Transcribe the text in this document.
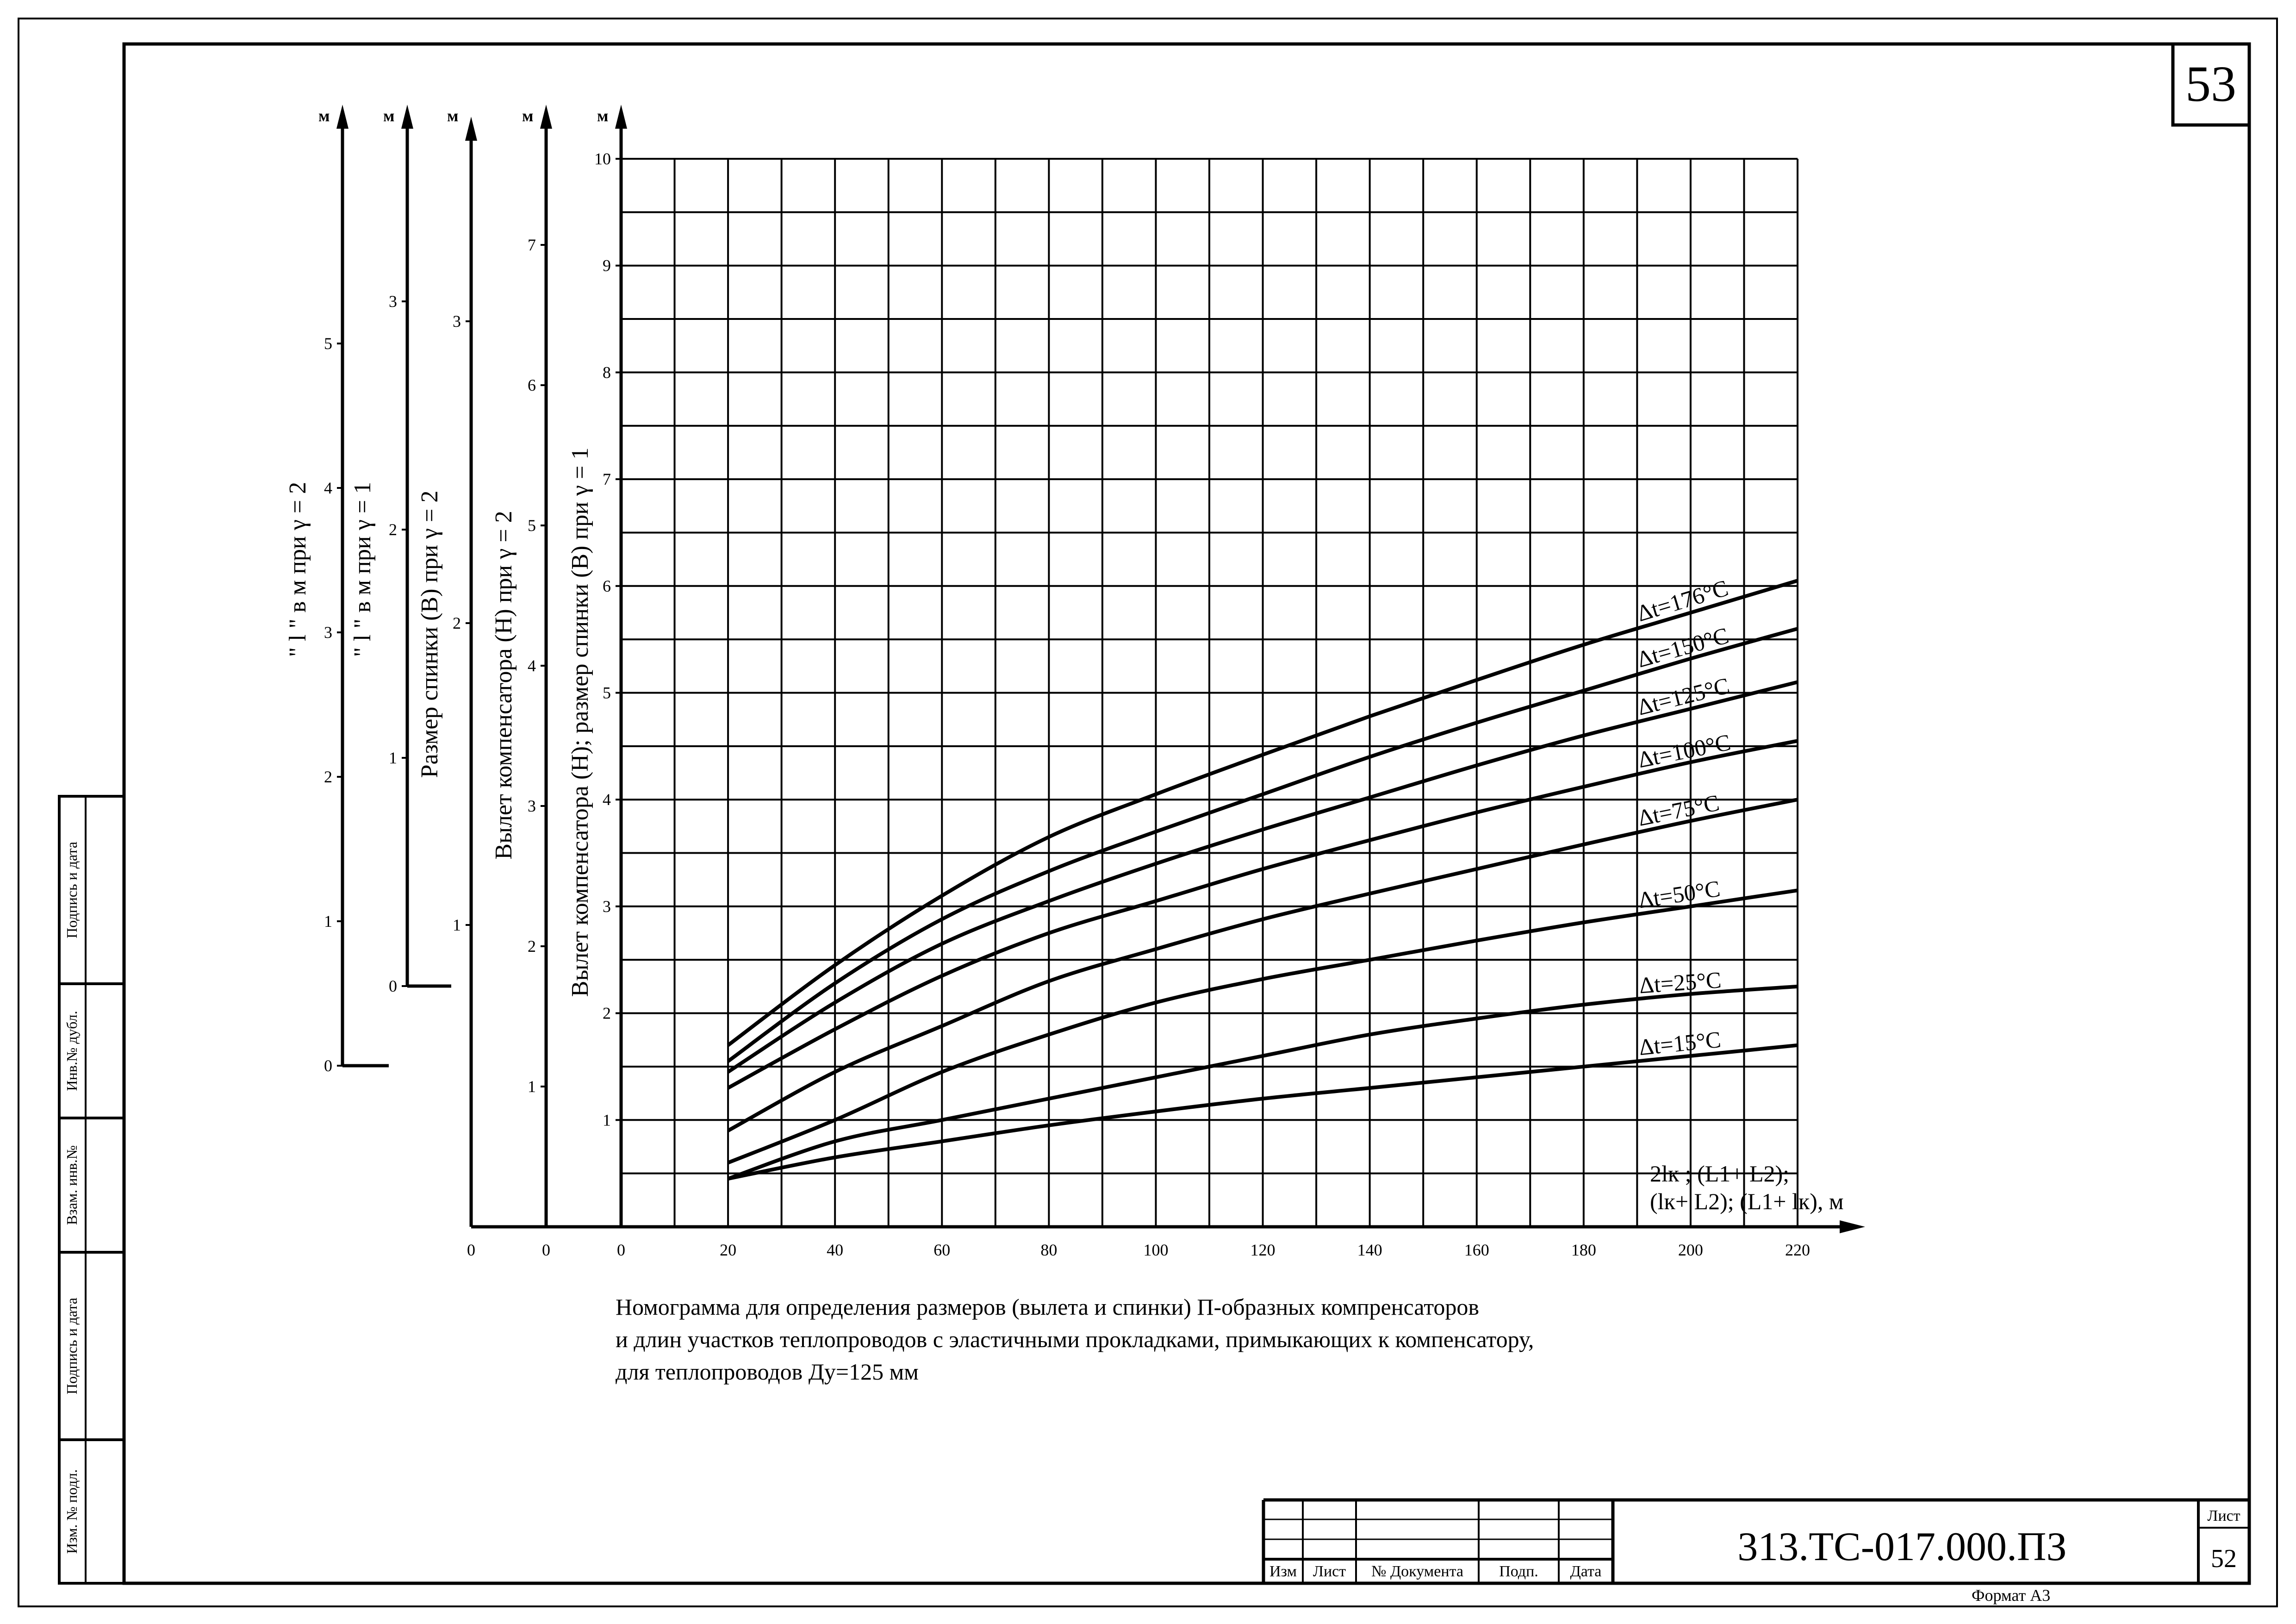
53
Подпись и дата
Инв.№ дубл.
Взам. инв.№
Подпись и дата
Изм. № подл.
Изм Лист № Документа Подп. Дата
Лист
52
313.ТС-017.000.ПЗ
0	20	40	60	80	100	120	140	160	180	200	220
0	0
2lк ; (L1+ L2);
(lк+ L2); (L1+ lк), м
м
0
1
2
3
4
5
" l " в м при γ = 2
м
0
1
2
3
" l " в м при γ = 1
м
1
2
3
Размер спинки (В) при γ = 2
м
1
2
3
4
5
6
7
Вылет компенсатора (Н) при γ = 2
м
1
2
3
4
5
6
7
8
9
10
Вылет компенсатора (Н); размер спинки (В) при γ = 1	Δt=176°С
Δt=150°С
Δt=125°С
Δt=100°С
Δt=75°С
Δt=50°С
Δt=25°С
Δt=15°С
Номограмма для определения размеров (вылета и спинки) П-образных компренсаторов
и длин участков теплопроводов с эластичными прокладками, примыкающих к компенсатору,
для теплопроводов Ду=125 мм
Формат А3
